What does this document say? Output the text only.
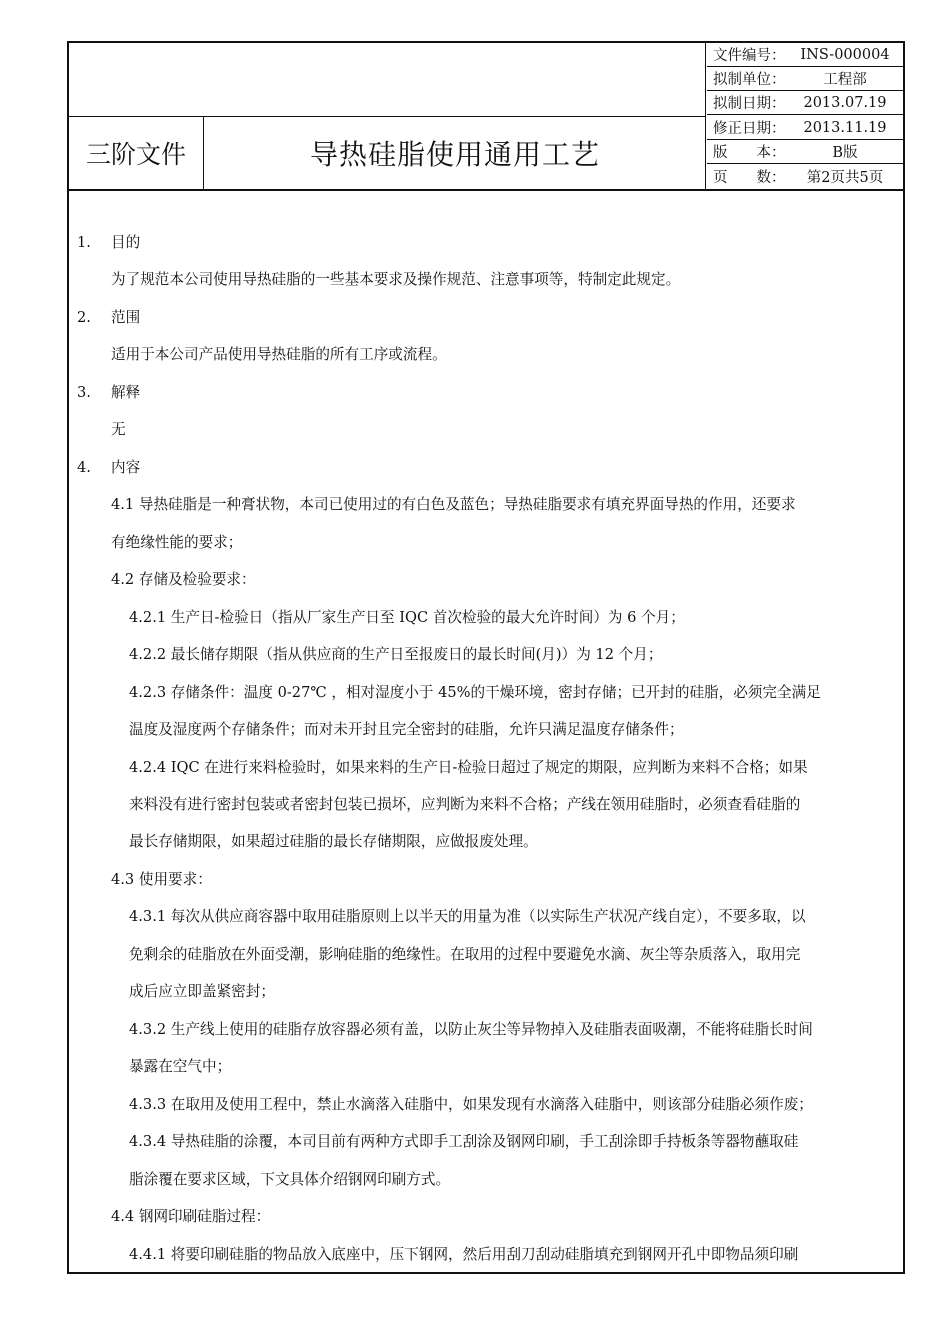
三阶文件	导热硅脂使用通用工艺
文件编号：	INS-000004
拟制单位：	工程部
拟制日期：	2013.07.19
修正日期：	2013.11.19
版　　本：	B版
页　　数：	第2页共5页
1. 目的
为了规范本公司使用导热硅脂的一些基本要求及操作规范、注意事项等，特制定此规定。
2. 范围
适用于本公司产品使用导热硅脂的所有工序或流程。
3. 解释
无
4. 内容
4.1 导热硅脂是一种膏状物，本司已使用过的有白色及蓝色；导热硅脂要求有填充界面导热的作用，还要求
有绝缘性能的要求；
4.2 存储及检验要求：
4.2.1 生产日-检验日（指从厂家生产日至 IQC 首次检验的最大允许时间）为 6 个月；
4.2.2 最长储存期限（指从供应商的生产日至报废日的最长时间(月)）为 12 个月；
4.2.3 存储条件：温度 0-27℃ ，相对湿度小于 45%的干燥环境，密封存储；已开封的硅脂，必须完全满足
温度及湿度两个存储条件；而对未开封且完全密封的硅脂，允许只满足温度存储条件；
4.2.4 IQC 在进行来料检验时，如果来料的生产日-检验日超过了规定的期限，应判断为来料不合格；如果
来料没有进行密封包装或者密封包装已损坏，应判断为来料不合格；产线在领用硅脂时，必须查看硅脂的
最长存储期限，如果超过硅脂的最长存储期限，应做报废处理。
4.3 使用要求：
4.3.1 每次从供应商容器中取用硅脂原则上以半天的用量为准（以实际生产状况产线自定），不要多取，以
免剩余的硅脂放在外面受潮，影响硅脂的绝缘性。在取用的过程中要避免水滴、灰尘等杂质落入，取用完
成后应立即盖紧密封；
4.3.2 生产线上使用的硅脂存放容器必须有盖，以防止灰尘等异物掉入及硅脂表面吸潮，不能将硅脂长时间
暴露在空气中；
4.3.3 在取用及使用工程中，禁止水滴落入硅脂中，如果发现有水滴落入硅脂中，则该部分硅脂必须作废；
4.3.4 导热硅脂的涂覆，本司目前有两种方式即手工刮涂及钢网印刷，手工刮涂即手持板条等器物蘸取硅
脂涂覆在要求区域，下文具体介绍钢网印刷方式。
4.4 钢网印刷硅脂过程：
4.4.1 将要印刷硅脂的物品放入底座中，压下钢网，然后用刮刀刮动硅脂填充到钢网开孔中即物品须印刷
